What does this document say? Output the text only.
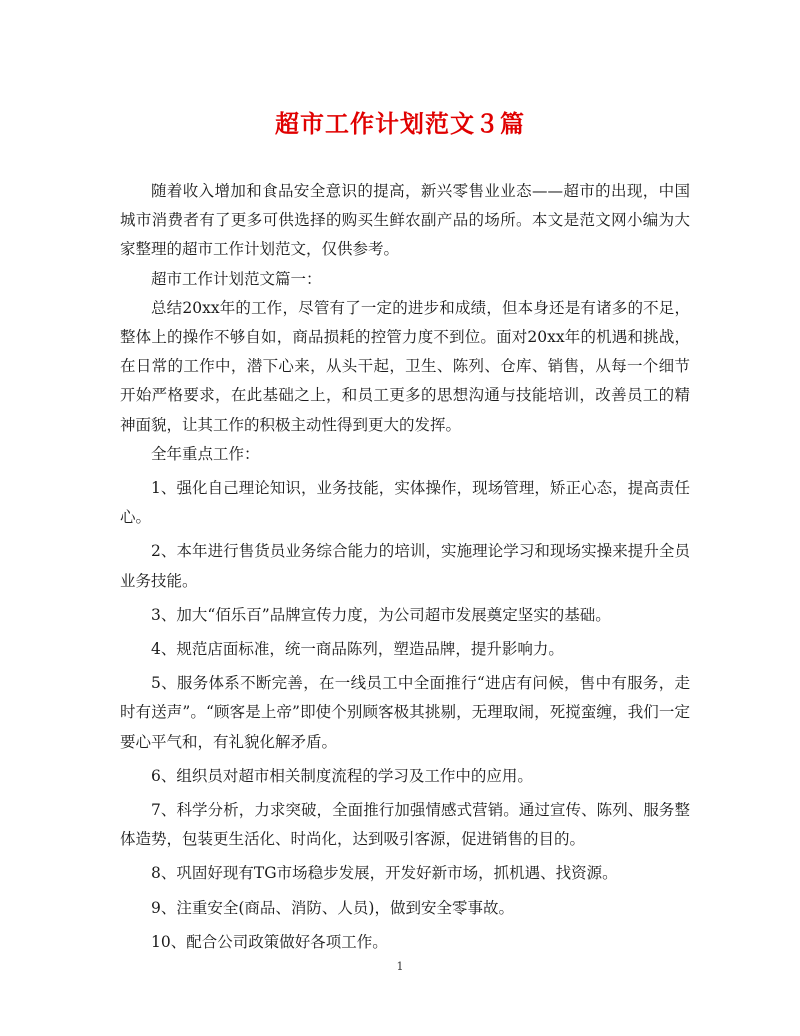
超市工作计划范文３篇

随着收入增加和食品安全意识的提高，新兴零售业业态——超市的出现，中国城市消费者有了更多可供选择的购买生鲜农副产品的场所。本文是范文网小编为大家整理的超市工作计划范文，仅供参考。

超市工作计划范文篇一：

总结20xx年的工作，尽管有了一定的进步和成绩，但本身还是有诸多的不足，整体上的操作不够自如，商品损耗的控管力度不到位。面对20xx年的机遇和挑战，在日常的工作中，潜下心来，从头干起，卫生、陈列、仓库、销售，从每一个细节开始严格要求，在此基础之上，和员工更多的思想沟通与技能培训，改善员工的精神面貌，让其工作的积极主动性得到更大的发挥。

全年重点工作：

1、强化自己理论知识，业务技能，实体操作，现场管理，矫正心态，提高责任心。

2、本年进行售货员业务综合能力的培训，实施理论学习和现场实操来提升全员业务技能。

3、加大“佰乐百”品牌宣传力度，为公司超市发展奠定坚实的基础。

4、规范店面标准，统一商品陈列，塑造品牌，提升影响力。

5、服务体系不断完善，在一线员工中全面推行“进店有问候，售中有服务，走时有送声”。“顾客是上帝”即使个别顾客极其挑剔，无理取闹，死搅蛮缠，我们一定要心平气和，有礼貌化解矛盾。

6、组织员对超市相关制度流程的学习及工作中的应用。

7、科学分析，力求突破，全面推行加强情感式营销。通过宣传、陈列、服务整体造势，包装更生活化、时尚化，达到吸引客源，促进销售的目的。

8、巩固好现有TG市场稳步发展，开发好新市场，抓机遇、找资源。

9、注重安全(商品、消防、人员)，做到安全零事故。

10、配合公司政策做好各项工作。

1
